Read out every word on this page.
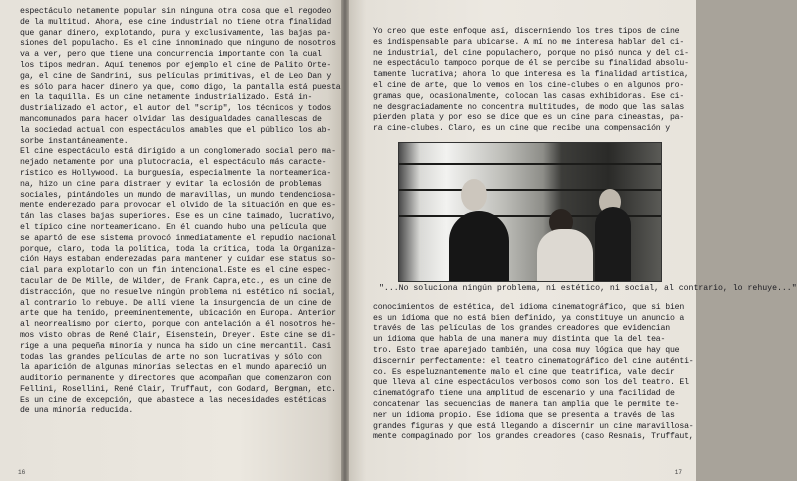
espectáculo netamente popular sin ninguna otra cosa que el regodeo
de la multitud. Ahora, ese cine industrial no tiene otra finalidad
que ganar dinero, explotando, pura y exclusivamente, las bajas pa-
siones del populacho. Es el cine innominado que ninguno de nosotros
va a ver, pero que tiene una concurrencia importante con la cual
los tipos medran. Aquí tenemos por ejemplo el cine de Palito Orte-
ga, el cine de Sandrini, sus películas primitivas, el de Leo Dan y
es sólo para hacer dinero ya que, como digo, la pantalla está puesta
en la taquilla. Es un cine netamente industrializado. Está in-
dustrializado el actor, el autor del "scrip", los técnicos y todos
mancomunados para hacer olvidar las desigualdades canallescas de
la sociedad actual con espectáculos amables que el público los ab-
sorbe instantáneamente.
El cine espectáculo está dirigido a un conglomerado social pero ma-
nejado netamente por una plutocracia, el espectáculo más caracte-
rístico es Hollywood. La burguesía, especialmente la norteamerica-
na, hizo un cine para distraer y evitar la eclosión de problemas
sociales, pintándoles un mundo de maravillas, un mundo tendenciosa-
mente enderezado para provocar el olvido de la situación en que es-
tán las clases bajas superiores. Ese es un cine taimado, lucrativo,
el típico cine norteamericano. En él cuando hubo una película que
se apartó de ese sistema provocó inmediatamente el repudio nacional
porque, claro, toda la política, toda la crítica, toda la Organiza-
ción Hays estaban enderezadas para mantener y cuidar ese status so-
cial para explotarlo con un fin intencional.Este es el cine espec-
tacular de De Mille, de Wilder, de Frank Capra,etc., es un cine de
distracción, que no resuelve ningún problema ni estético ni social,
al contrario lo rebuye. De allí viene la insurgencia de un cine de
arte que ha tenido, preeminentemente, ubicación en Europa. Anterior
al neorrealismo por cierto, porque con antelación a él nosotros he-
mos visto obras de René Clair, Eisenstein, Dreyer. Este cine se di-
rige a una pequeña minoría y nunca ha sido un cine mercantil. Casi
todas las grandes películas de arte no son lucrativas y sólo con
la aparición de algunas minorías selectas en el mundo apareció un
auditorio permanente y directores que acompañan que comenzaron con
Fellini, Rosellini, René Clair, Truffaut, con Godard, Bergman, etc.
Es un cine de excepción, que abastece a las necesidades estéticas
de una minoría reducida.
16
Yo creo que este enfoque así, discerniendo los tres tipos de cine
es indispensable para ubicarse. A mí no me interesa hablar del ci-
ne industrial, del cine populachero, porque no pisó nunca y del ci-
ne espectáculo tampoco porque de él se percibe su finalidad absolu-
tamente lucrativa; ahora lo que interesa es la finalidad artística,
el cine de arte, que lo vemos en los cine-clubes o en algunos pro-
gramas que, ocasionalmente, colocan las casas exhibidoras. Ese ci-
ne desgraciadamente no concentra multitudes, de modo que las salas
pierden plata y por eso se dice que es un cine para cineastas, pa-
ra cine-clubes. Claro, es un cine que recibe una compensación y
"...No soluciona ningún problema, ni estético, ni social, al contrario, lo rehuye..."
conocimientos de estética, del idioma cinematográfico, que si bien
es un idioma que no está bien definido, ya constituye un anuncio a
través de las películas de los grandes creadores que evidencian
un idioma que habla de una manera muy distinta que la del tea-
tro. Esto trae aparejado también, una cosa muy lógica que hay que
discernir perfectamente: el teatro cinematográfico del cine auténti-
co. Es espeluznantemente malo el cine que teatrifica, vale decir
que lleva al cine espectáculos verbosos como son los del teatro. El
cinematógrafo tiene una amplitud de escenario y una facilidad de
concatenar las secuencias de manera tan amplia que le permite te-
ner un idioma propio. Ese idioma que se presenta a través de las
grandes figuras y que está llegando a discernir un cine maravillosa-
mente compaginado por los grandes creadores (caso Resnais, Truffaut,
17
